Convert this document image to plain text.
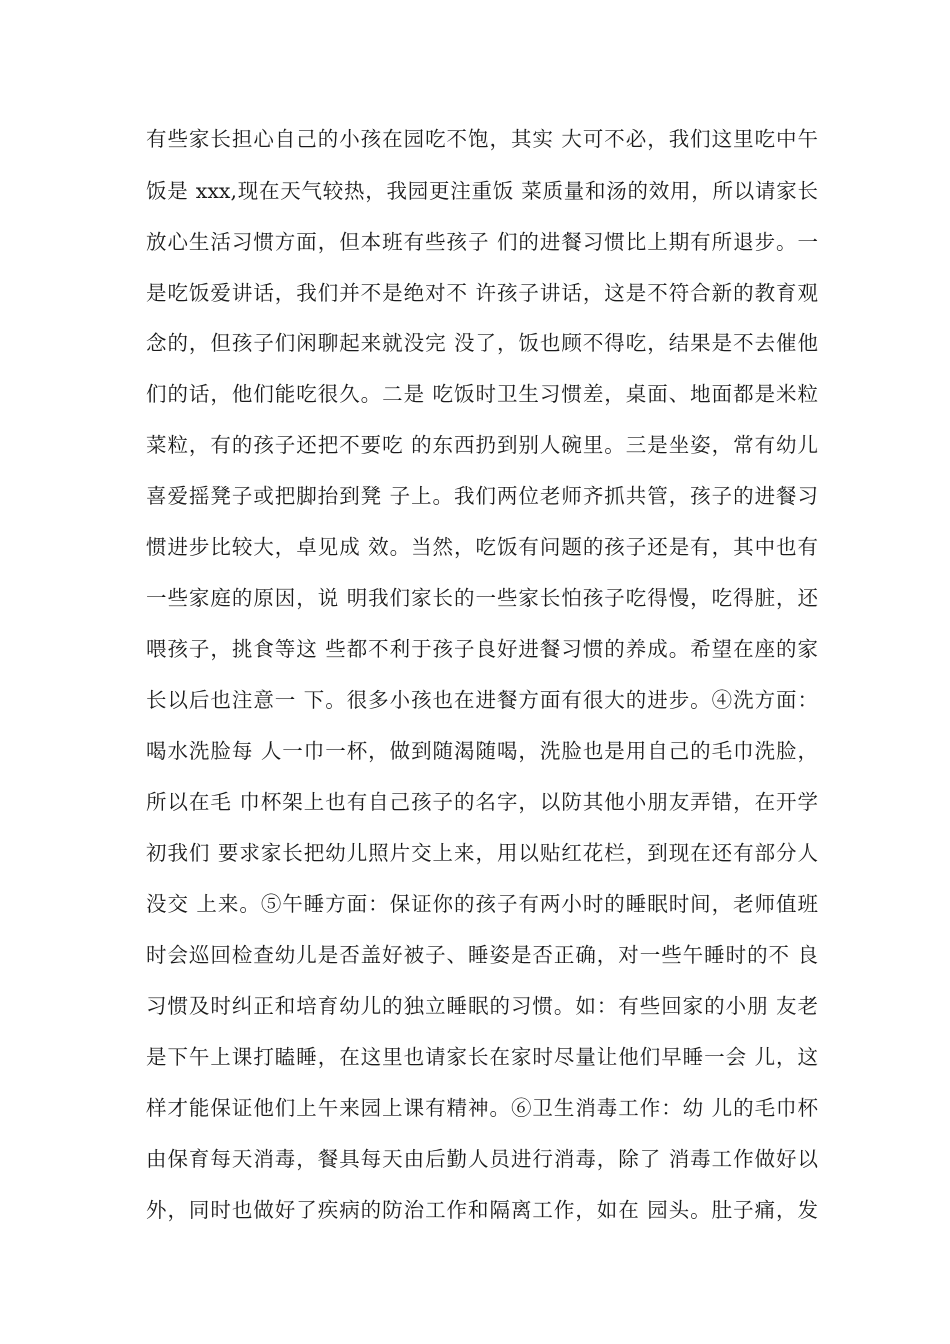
有些家长担心自己的小孩在园吃不饱，其实 大可不必，我们这里吃中午
饭是 xxx,现在天气较热，我园更注重饭 菜质量和汤的效用，所以请家长
放心生活习惯方面，但本班有些孩子 们的进餐习惯比上期有所退步。一
是吃饭爱讲话，我们并不是绝对不 许孩子讲话，这是不符合新的教育观
念的，但孩子们闲聊起来就没完 没了，饭也顾不得吃，结果是不去催他
们的话，他们能吃很久。二是 吃饭时卫生习惯差，桌面、地面都是米粒
菜粒，有的孩子还把不要吃 的东西扔到别人碗里。三是坐姿，常有幼儿
喜爱摇凳子或把脚抬到凳 子上。我们两位老师齐抓共管，孩子的进餐习
惯进步比较大，卓见成 效。当然，吃饭有问题的孩子还是有，其中也有
一些家庭的原因，说 明我们家长的一些家长怕孩子吃得慢，吃得脏，还
喂孩子，挑食等这 些都不利于孩子良好进餐习惯的养成。希望在座的家
长以后也注意一 下。很多小孩也在进餐方面有很大的进步。④洗方面：
喝水洗脸每 人一巾一杯，做到随渴随喝，洗脸也是用自己的毛巾洗脸，
所以在毛 巾杯架上也有自己孩子的名字，以防其他小朋友弄错，在开学
初我们 要求家长把幼儿照片交上来，用以贴红花栏，到现在还有部分人
没交 上来。⑤午睡方面：保证你的孩子有两小时的睡眠时间，老师值班
时会巡回检查幼儿是否盖好被子、睡姿是否正确，对一些午睡时的不 良
习惯及时纠正和培育幼儿的独立睡眠的习惯。如：有些回家的小朋 友老
是下午上课打瞌睡，在这里也请家长在家时尽量让他们早睡一会 儿，这
样才能保证他们上午来园上课有精神。⑥卫生消毒工作：幼 儿的毛巾杯
由保育每天消毒，餐具每天由后勤人员进行消毒，除了 消毒工作做好以
外，同时也做好了疾病的防治工作和隔离工作，如在 园头。肚子痛，发
